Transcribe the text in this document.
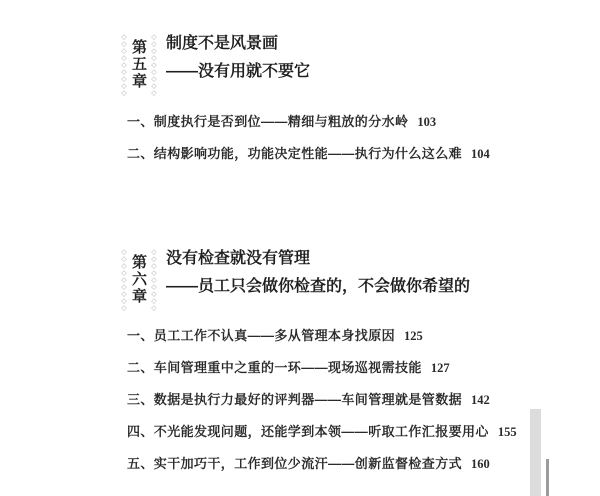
◇◇◇◇◇◇◇◇◇ 第五章 ◇◇◇◇◇◇◇◇◇ 制度不是风景画
——没有用就不要它
一、制度执行是否到位——精细与粗放的分水岭 103
二、结构影响功能，功能决定性能——执行为什么这么难 104
◇◇◇◇◇◇◇◇◇ 第六章 ◇◇◇◇◇◇◇◇◇ 没有检查就没有管理
——员工只会做你检查的，不会做你希望的
一、员工工作不认真——多从管理本身找原因 125
二、车间管理重中之重的一环——现场巡视需技能 127
三、数据是执行力最好的评判器——车间管理就是管数据 142
四、不光能发现问题，还能学到本领——听取工作汇报要用心 155
五、实干加巧干，工作到位少流汗——创新监督检查方式 160
